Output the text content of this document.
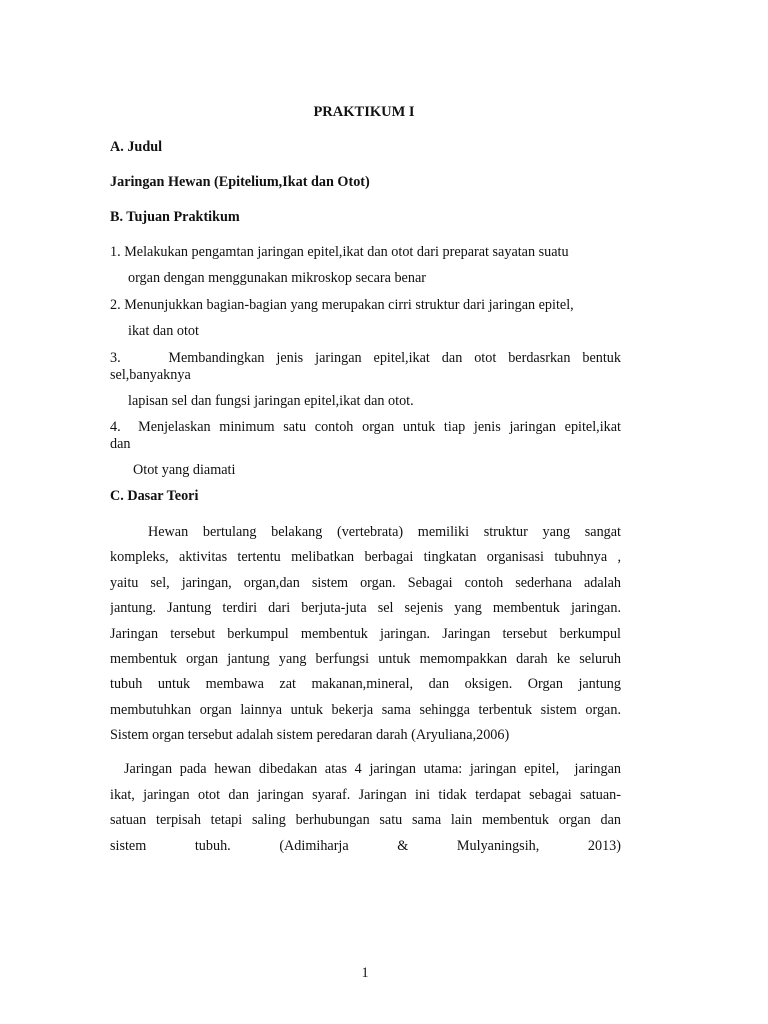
PRAKTIKUM I

A. Judul

Jaringan Hewan (Epitelium,Ikat dan Otot)

B. Tujuan Praktikum

1. Melakukan pengamtan jaringan epitel,ikat dan otot dari preparat sayatan suatu

organ dengan menggunakan mikroskop secara benar

2. Menunjukkan bagian-bagian yang merupakan cirri struktur dari jaringan epitel,

ikat dan otot

3.    Membandingkan jenis jaringan epitel,ikat dan otot berdasrkan bentuk

sel,banyaknya

lapisan sel dan fungsi jaringan epitel,ikat dan otot.

4.  Menjelaskan minimum satu contoh organ untuk tiap jenis jaringan epitel,ikat

dan

Otot yang diamati

C. Dasar Teori

Hewan bertulang belakang (vertebrata) memiliki struktur yang sangat
kompleks, aktivitas tertentu melibatkan berbagai tingkatan organisasi tubuhnya ,
yaitu sel, jaringan, organ,dan sistem organ. Sebagai contoh sederhana adalah
jantung. Jantung terdiri dari berjuta-juta sel sejenis yang membentuk jaringan.
Jaringan tersebut berkumpul membentuk jaringan. Jaringan tersebut berkumpul
membentuk organ jantung yang berfungsi untuk memompakkan darah ke seluruh
tubuh untuk membawa zat makanan,mineral, dan oksigen. Organ jantung
membutuhkan organ lainnya untuk bekerja sama sehingga terbentuk sistem organ.
Sistem organ tersebut adalah sistem peredaran darah (Aryuliana,2006)
Jaringan pada hewan dibedakan atas 4 jaringan utama: jaringan epitel,  jaringan
ikat, jaringan otot dan jaringan syaraf. Jaringan ini tidak terdapat sebagai satuan-
satuan terpisah tetapi saling berhubungan satu sama lain membentuk organ dan
sistem tubuh. (Adimiharja & Mulyaningsih, 2013)

1
